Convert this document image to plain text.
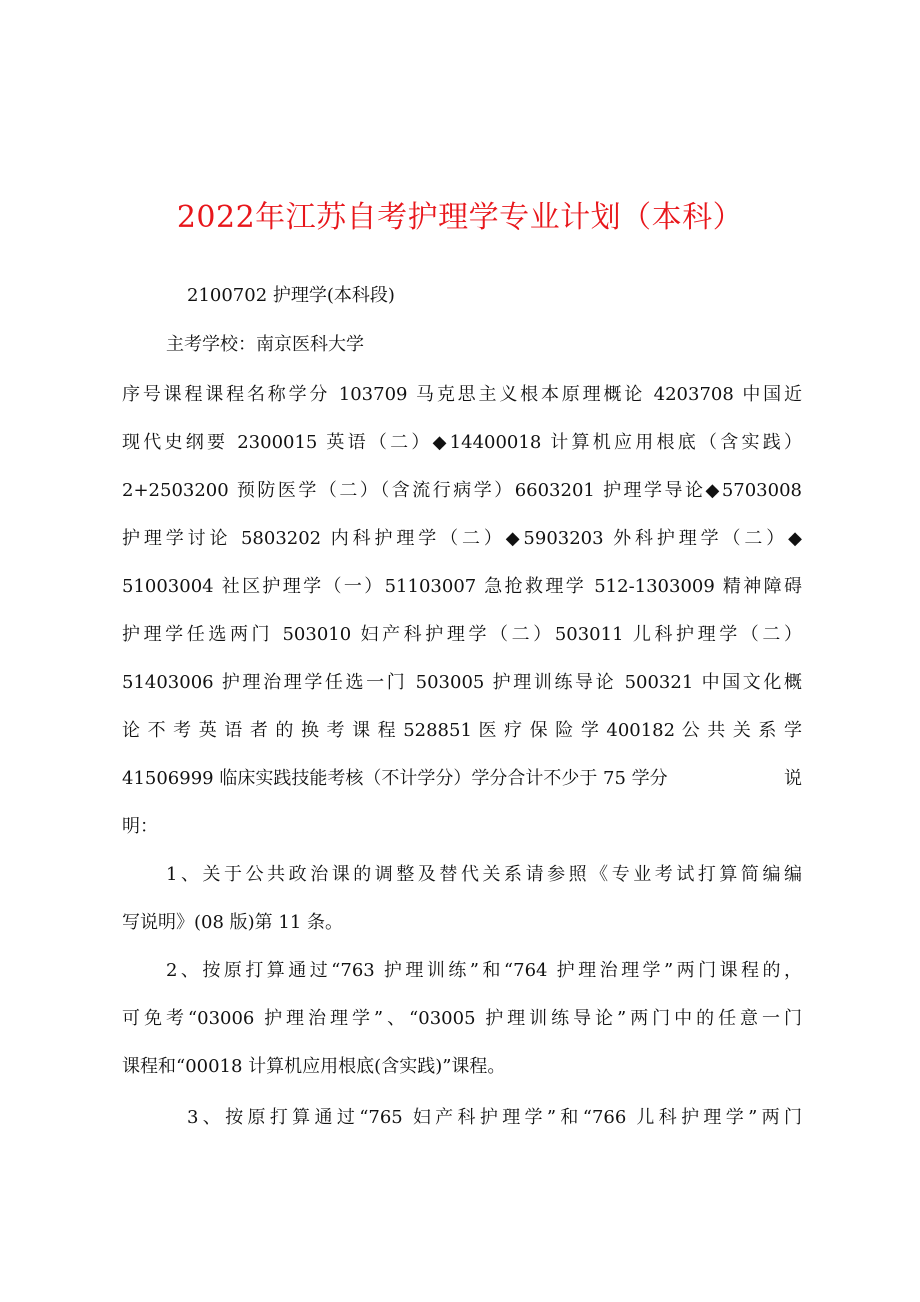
2022年江苏自考护理学专业计划（本科）
2100702 护理学(本科段)
主考学校：南京医科大学
序号课程课程名称学分 103709 马克思主义根本原理概论 4203708 中国近
现代史纲要 2300015 英语（二）◆14400018 计算机应用根底（含实践）
2+2503200 预防医学（二）（含流行病学）6603201 护理学导论◆5703008
护理学讨论 5803202 内科护理学（二）◆5903203 外科护理学（二）◆
51003004 社区护理学（一）51103007 急抢救理学 512-1303009 精神障碍
护理学任选两门 503010 妇产科护理学（二）503011 儿科护理学（二）
51403006 护理治理学任选一门 503005 护理训练导论 500321 中国文化概
论 不 考 英 语 者 的 换 考 课 程 528851 医 疗 保 险 学 400182 公 共 关 系 学
41506999 临床实践技能考核（不计学分）学分合计不少于 75 学分	说
明：
1、关于公共政治课的调整及替代关系请参照《专业考试打算简编编
写说明》(08 版)第 11 条。
2、按原打算通过“763 护理训练”和“764 护理治理学”两门课程的，
可免考“03006 护理治理学”、“03005 护理训练导论”两门中的任意一门
课程和“00018 计算机应用根底(含实践)”课程。
3、按原打算通过“765 妇产科护理学”和“766 儿科护理学”两门
